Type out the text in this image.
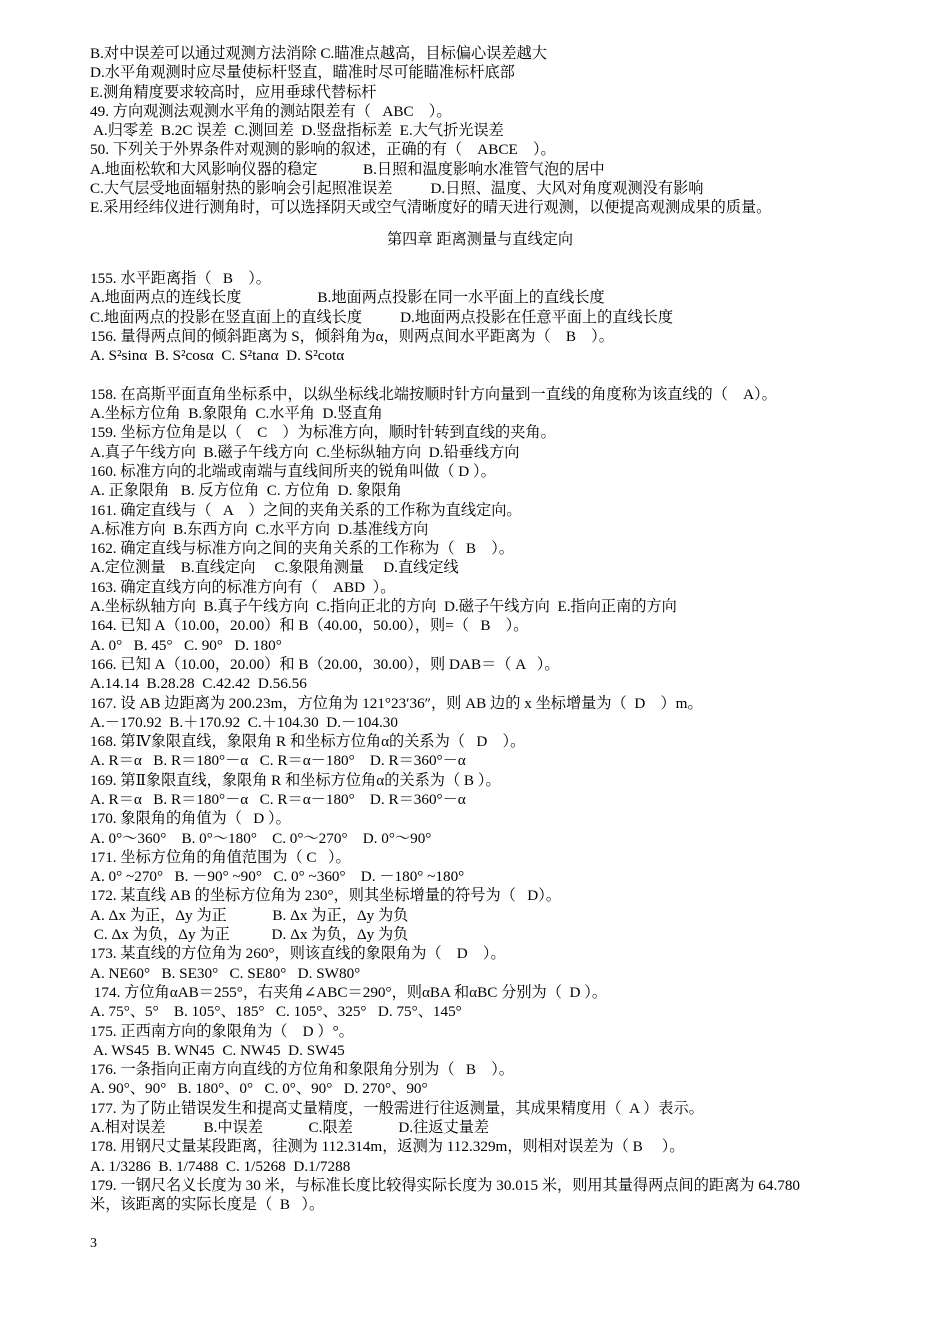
B.对中误差可以通过观测方法消除 C.瞄准点越高，目标偏心误差越大
D.水平角观测时应尽量使标杆竖直，瞄准时尽可能瞄准标杆底部
E.测角精度要求较高时，应用垂球代替标杆
49. 方向观测法观测水平角的测站限差有（   ABC    ）。
A.归零差  B.2C 误差  C.测回差  D.竖盘指标差  E.大气折光误差
50. 下列关于外界条件对观测的影响的叙述，正确的有（    ABCE    ）。
A.地面松软和大风影响仪器的稳定            B.日照和温度影响水准管气泡的居中
C.大气层受地面辐射热的影响会引起照准误差          D.日照、温度、大风对角度观测没有影响
E.采用经纬仪进行测角时，可以选择阴天或空气清晰度好的晴天进行观测，以便提高观测成果的质量。
第四章 距离测量与直线定向
155. 水平距离指（   B    ）。
A.地面两点的连线长度                    B.地面两点投影在同一水平面上的直线长度
C.地面两点的投影在竖直面上的直线长度          D.地面两点投影在任意平面上的直线长度
156. 量得两点间的倾斜距离为 S，倾斜角为α，则两点间水平距离为（    B    ）。
A. S²sinα  B. S²cosα  C. S²tanα  D. S²cotα
158. 在高斯平面直角坐标系中，以纵坐标线北端按顺时针方向量到一直线的角度称为该直线的（    A）。
A.坐标方位角  B.象限角  C.水平角  D.竖直角
159. 坐标方位角是以（    C    ）为标准方向，顺时针转到直线的夹角。
A.真子午线方向  B.磁子午线方向  C.坐标纵轴方向  D.铅垂线方向
160. 标准方向的北端或南端与直线间所夹的锐角叫做（ D ）。
A. 正象限角   B. 反方位角  C. 方位角  D. 象限角
161. 确定直线与（   A    ）之间的夹角关系的工作称为直线定向。
A.标准方向  B.东西方向  C.水平方向  D.基准线方向
162. 确定直线与标准方向之间的夹角关系的工作称为（   B    ）。
A.定位测量    B.直线定向     C.象限角测量     D.直线定线
163. 确定直线方向的标准方向有（    ABD  ）。
A.坐标纵轴方向  B.真子午线方向  C.指向正北的方向  D.磁子午线方向  E.指向正南的方向
164. 已知 A（10.00，20.00）和 B（40.00，50.00），则=（   B    ）。
A. 0°   B. 45°   C. 90°   D. 180°
166. 已知 A（10.00，20.00）和 B（20.00，30.00），则 DAB＝（ A   ）。
A.14.14  B.28.28  C.42.42  D.56.56
167. 设 AB 边距离为 200.23m，方位角为 121°23′36″，则 AB 边的 x 坐标增量为（  D    ）m。
A.－170.92  B.＋170.92  C.＋104.30  D.－104.30
168. 第Ⅳ象限直线，象限角 R 和坐标方位角α的关系为（   D    ）。
A. R＝α   B. R＝180°－α   C. R＝α－180°    D. R＝360°－α
169. 第Ⅱ象限直线，象限角 R 和坐标方位角α的关系为（ B ）。
A. R＝α   B. R＝180°－α   C. R＝α－180°    D. R＝360°－α
170. 象限角的角值为（   D ）。
A. 0°～360°    B. 0°～180°    C. 0°～270°    D. 0°～90°
171. 坐标方位角的角值范围为（ C   ）。
A. 0° ~270°   B. －90° ~90°   C. 0° ~360°    D. －180° ~180°
172. 某直线 AB 的坐标方位角为 230°，则其坐标增量的符号为（   D）。
A. Δx 为正，Δy 为正            B. Δx 为正，Δy 为负
C. Δx 为负，Δy 为正           D. Δx 为负，Δy 为负
173. 某直线的方位角为 260°，则该直线的象限角为（    D    ）。
A. NE60°   B. SE30°   C. SE80°   D. SW80°
174. 方位角αAB＝255°，右夹角∠ABC＝290°，则αBA 和αBC 分别为（  D ）。
A. 75°、5°    B. 105°、185°   C. 105°、325°   D. 75°、145°
175. 正西南方向的象限角为（    D ）°。
A. WS45  B. WN45  C. NW45  D. SW45
176. 一条指向正南方向直线的方位角和象限角分别为（   B    ）。
A. 90°、90°   B. 180°、0°   C. 0°、90°   D. 270°、90°
177. 为了防止错误发生和提高丈量精度，一般需进行往返测量，其成果精度用（  A ）表示。
A.相对误差          B.中误差            C.限差            D.往返丈量差
178. 用钢尺丈量某段距离，往测为 112.314m，返测为 112.329m，则相对误差为（ B     ）。
A. 1/3286  B. 1/7488  C. 1/5268  D.1/7288
179. 一钢尺名义长度为 30 米，与标准长度比较得实际长度为 30.015 米，则用其量得两点间的距离为 64.780
米，该距离的实际长度是（  B   ）。
3
